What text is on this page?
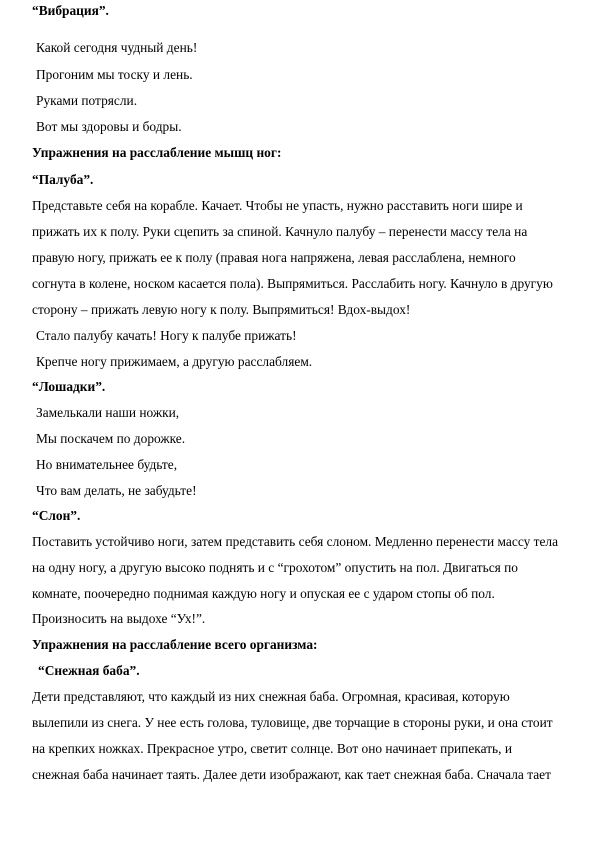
“Вибрация”.
Какой сегодня чудный день!
Прогоним мы тоску и лень.
Руками потрясли.
Вот мы здоровы и бодры.
Упражнения на расслабление мышц ног:
“Палуба”.
Представьте себя на корабле. Качает. Чтобы не упасть, нужно расставить ноги шире и
прижать их к полу. Руки сцепить за спиной. Качнуло палубу – перенести массу тела на
правую ногу, прижать ее к полу (правая нога напряжена, левая расслаблена, немного
согнута в колене, носком касается пола). Выпрямиться. Расслабить ногу. Качнуло в другую
сторону – прижать левую ногу к полу. Выпрямиться! Вдох-выдох!
Стало палубу качать! Ногу к палубе прижать!
Крепче ногу прижимаем, а другую расслабляем.
“Лошадки”.
Замелькали наши ножки,
Мы поскачем по дорожке.
Но внимательнее будьте,
Что вам делать, не забудьте!
“Слон”.
Поставить устойчиво ноги, затем представить себя слоном. Медленно перенести массу тела
на одну ногу, а другую высоко поднять и с “грохотом” опустить на пол. Двигаться по
комнате, поочередно поднимая каждую ногу и опуская ее с ударом стопы об пол.
Произносить на выдохе “Ух!”.
Упражнения на расслабление всего организма:
“Снежная баба”.
Дети представляют, что каждый из них снежная баба. Огромная, красивая, которую
вылепили из снега. У нее есть голова, туловище, две торчащие в стороны руки, и она стоит
на крепких ножках. Прекрасное утро, светит солнце. Вот оно начинает припекать, и
снежная баба начинает таять. Далее дети изображают, как тает снежная баба. Сначала тает
